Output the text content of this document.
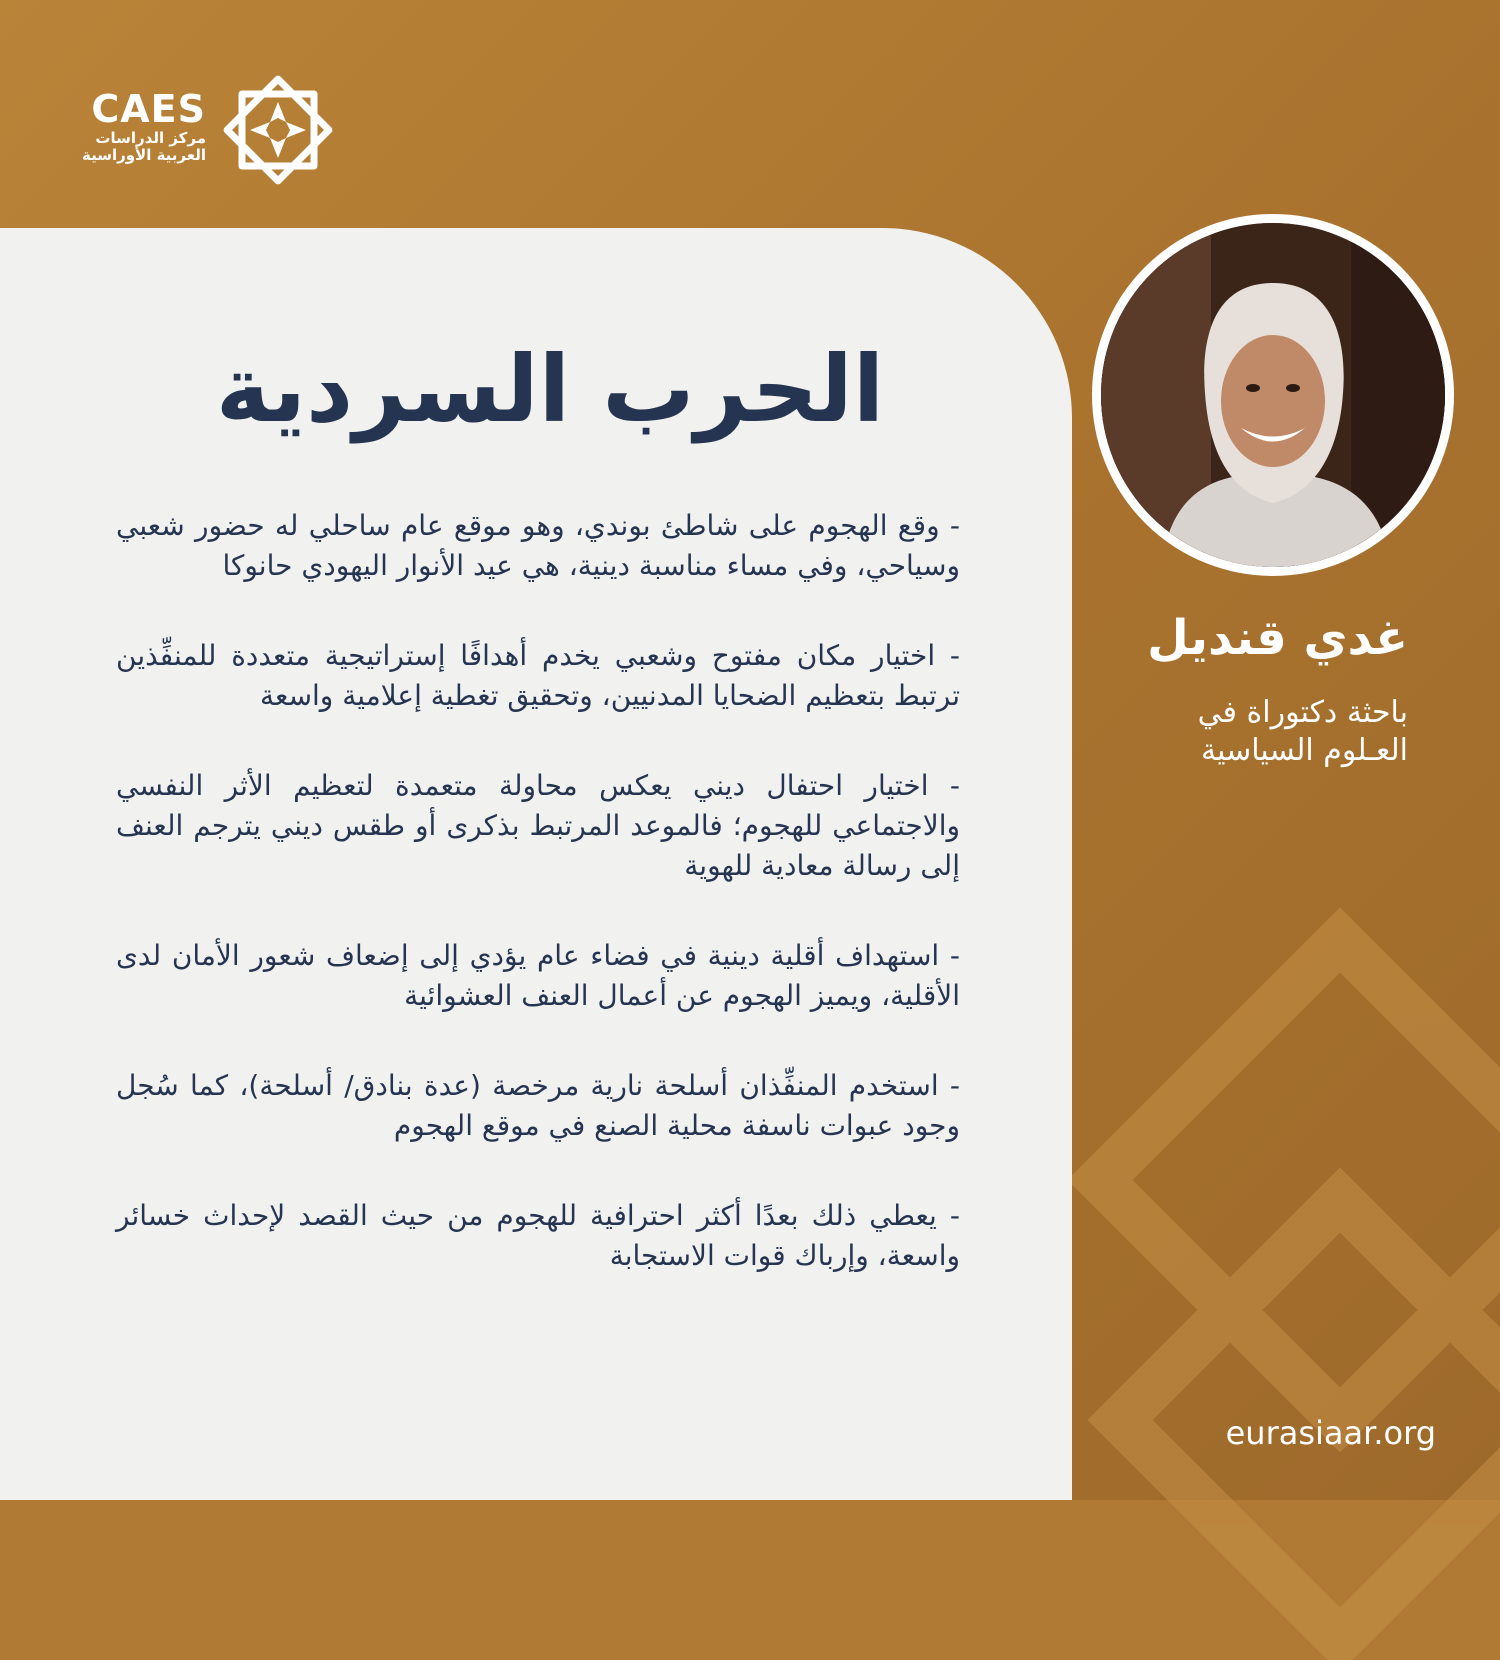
CAES
مركز الدراسات
العربية الأوراسية
الحرب السردية

- وقع الهجوم على شاطئ بوندي، وهو موقع عام ساحلي له حضور شعبي وسياحي، وفي مساء مناسبة دينية، هي عيد الأنوار اليهودي حانوكا

- اختيار مكان مفتوح وشعبي يخدم أهدافًا إستراتيجية متعددة للمنفِّذين ترتبط بتعظيم الضحايا المدنيين، وتحقيق تغطية إعلامية واسعة

- اختيار احتفال ديني يعكس محاولة متعمدة لتعظيم الأثر النفسي والاجتماعي للهجوم؛ فالموعد المرتبط بذكرى أو طقس ديني يترجم العنف إلى رسالة معادية للهوية

- استهداف أقلية دينية في فضاء عام يؤدي إلى إضعاف شعور الأمان لدى الأقلية، ويميز الهجوم عن أعمال العنف العشوائية

- استخدم المنفِّذان أسلحة نارية مرخصة (عدة بنادق/ أسلحة)، كما سُجل وجود عبوات ناسفة محلية الصنع في موقع الهجوم

- يعطي ذلك بعدًا أكثر احترافية للهجوم من حيث القصد لإحداث خسائر واسعة، وإرباك قوات الاستجابة

غدي قنديل
باحثة دكتوراة في
العـلوم السياسية
eurasiaar.org
